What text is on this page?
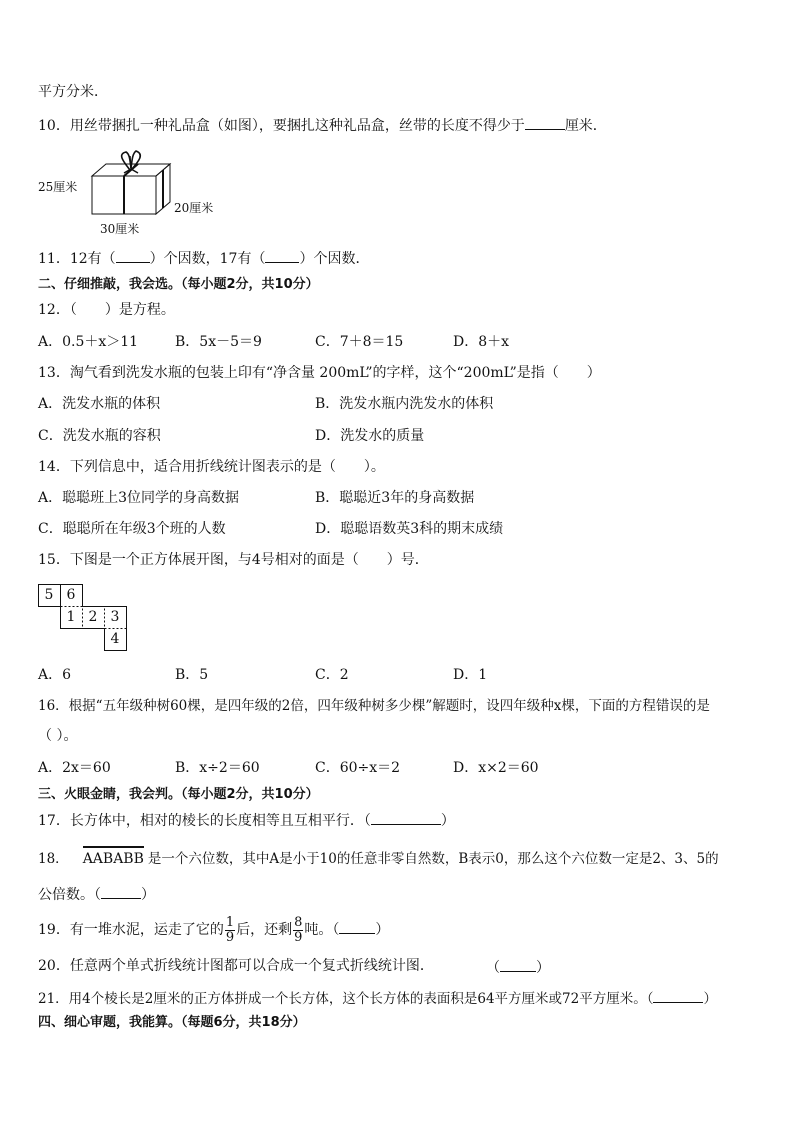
平方分米．
10．用丝带捆扎一种礼品盒（如图），要捆扎这种礼品盒，丝带的长度不得少于	厘米．
25厘米
30厘米
20厘米
11．12有（ ）个因数，17有（ ）个因数．
二、仔细推敲，我会选。（每小题2分，共10分）
12．（　　）是方程。
A．0.5＋x＞11	B．5x－5＝9	C．7＋8＝15	D．8＋x
13．淘气看到洗发水瓶的包装上印有“净含量 200mL”的字样，这个“200mL”是指（　　）
A．洗发水瓶的体积	B．洗发水瓶内洗发水的体积
C．洗发水瓶的容积	D．洗发水的质量
14．下列信息中，适合用折线统计图表示的是（　　）。
A．聪聪班上3位同学的身高数据	B．聪聪近3年的身高数据
C．聪聪所在年级3个班的人数	D．聪聪语数英3科的期末成绩
15．下图是一个正方体展开图，与4号相对的面是（　　）号．
5 6
1 2 3
4
A．6	B．5	C．2	D．1
16．根据“五年级种树60棵，是四年级的2倍，四年级种树多少棵”解题时，设四年级种x棵，下面的方程错误的是
（ ）。
A．2x＝60	B．x÷2＝60	C．60÷x＝2	D．x×2＝60
三、火眼金睛，我会判。（每小题2分，共10分）
17．长方体中，相对的棱长的长度相等且互相平行．（	）
18． AABABB 是一个六位数，其中A是小于10的任意非零自然数，B表示0，那么这个六位数一定是2、3、5的
公倍数。（	）
19．有一堆水泥，运走了它的 $\frac{1}{9}$ 后，还剩 $\frac{8}{9}$ 吨。（	）
20．任意两个单式折线统计图都可以合成一个复式折线统计图．	（	）
21．用4个棱长是2厘米的正方体拼成一个长方体，这个长方体的表面积是64平方厘米或72平方厘米。（	）
四、细心审题，我能算。（每题6分，共18分）
